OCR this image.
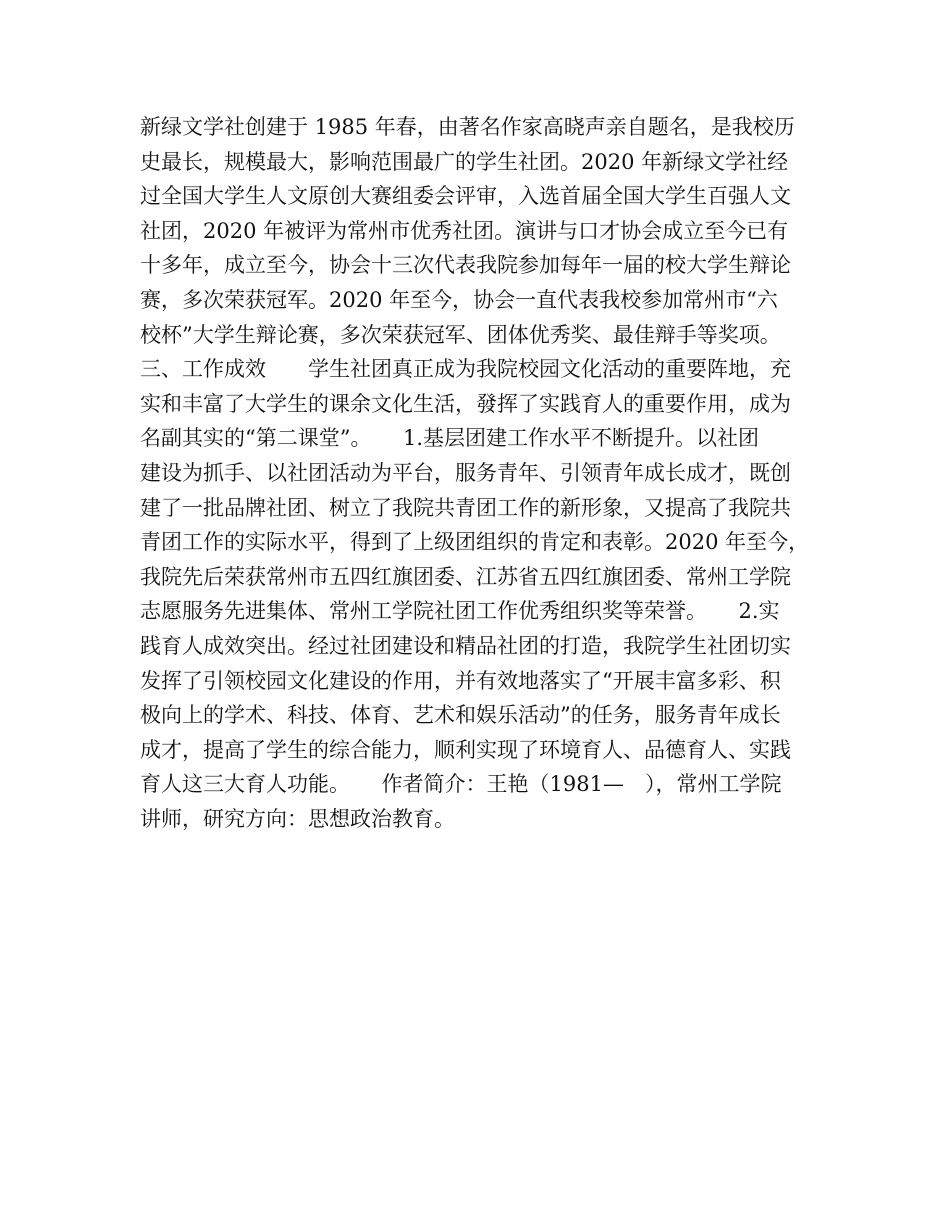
新绿文学社创建于 1985 年春，由著名作家高晓声亲自题名，是我校历
史最长，规模最大，影响范围最广的学生社团。2020 年新绿文学社经
过全国大学生人文原创大赛组委会评审，入选首届全国大学生百强人文
社团，2020 年被评为常州市优秀社团。演讲与口才协会成立至今已有
十多年，成立至今，协会十三次代表我院参加每年一届的校大学生辩论
赛，多次荣获冠军。2020 年至今，协会一直代表我校参加常州市“六
校杯”大学生辩论赛，多次荣获冠军、团体优秀奖、最佳辩手等奖项。
三、工作成效　　学生社团真正成为我院校园文化活动的重要阵地，充
实和丰富了大学生的课余文化生活，發挥了实践育人的重要作用，成为
名副其实的“第二课堂”。　　1.基层团建工作水平不断提升。以社团
建设为抓手、以社团活动为平台，服务青年、引领青年成长成才，既创
建了一批品牌社团、树立了我院共青团工作的新形象，又提高了我院共
青团工作的实际水平，得到了上级团组织的肯定和表彰。2020 年至今，
我院先后荣获常州市五四红旗团委、江苏省五四红旗团委、常州工学院
志愿服务先进集体、常州工学院社团工作优秀组织奖等荣誉。　　2.实
践育人成效突出。经过社团建设和精品社团的打造，我院学生社团切实
发挥了引领校园文化建设的作用，并有效地落实了“开展丰富多彩、积
极向上的学术、科技、体育、艺术和娱乐活动”的任务，服务青年成长
成才，提高了学生的综合能力，顺利实现了环境育人、品德育人、实践
育人这三大育人功能。　　作者简介：王艳（1981—　），常州工学院
讲师，研究方向：思想政治教育。
